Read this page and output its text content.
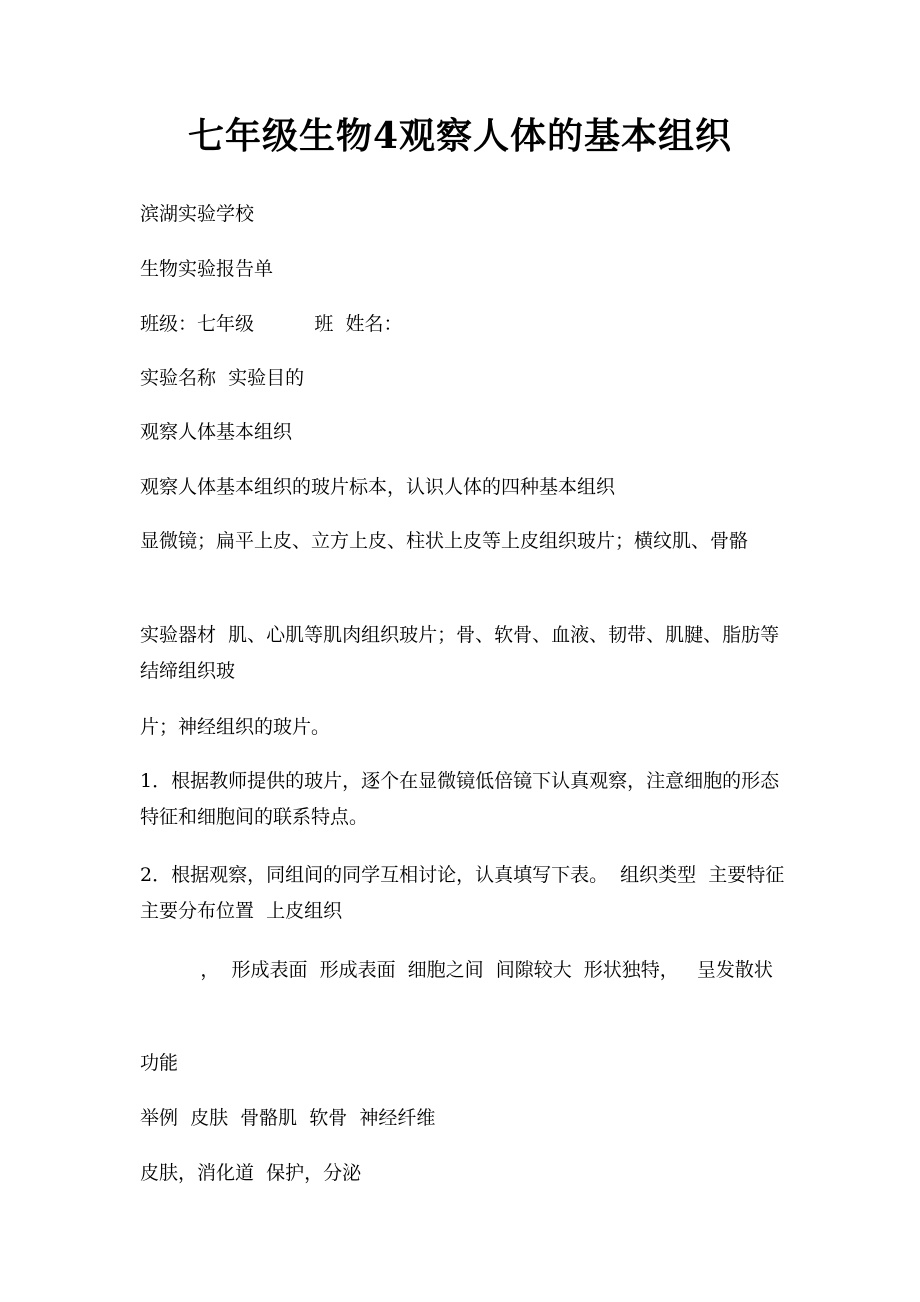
七年级生物4观察人体的基本组织
滨湖实验学校
生物实验报告单
班级：七年级          班  姓名：
实验名称  实验目的
观察人体基本组织
观察人体基本组织的玻片标本，认识人体的四种基本组织
显微镜；扁平上皮、立方上皮、柱状上皮等上皮组织玻片；横纹肌、骨骼
实验器材  肌、心肌等肌肉组织玻片；骨、软骨、血液、韧带、肌腱、脂肪等结缔组织玻
片；神经组织的玻片。
1．根据教师提供的玻片，逐个在显微镜低倍镜下认真观察，注意细胞的形态特征和细胞间的联系特点。
2．根据观察，同组间的同学互相讨论，认真填写下表。  组织类型  主要特征  主要分布位置  上皮组织
，  形成表面  形成表面  细胞之间  间隙较大  形状独特，   呈发散状
功能
举例  皮肤  骨骼肌  软骨  神经纤维
皮肤，消化道  保护，分泌
